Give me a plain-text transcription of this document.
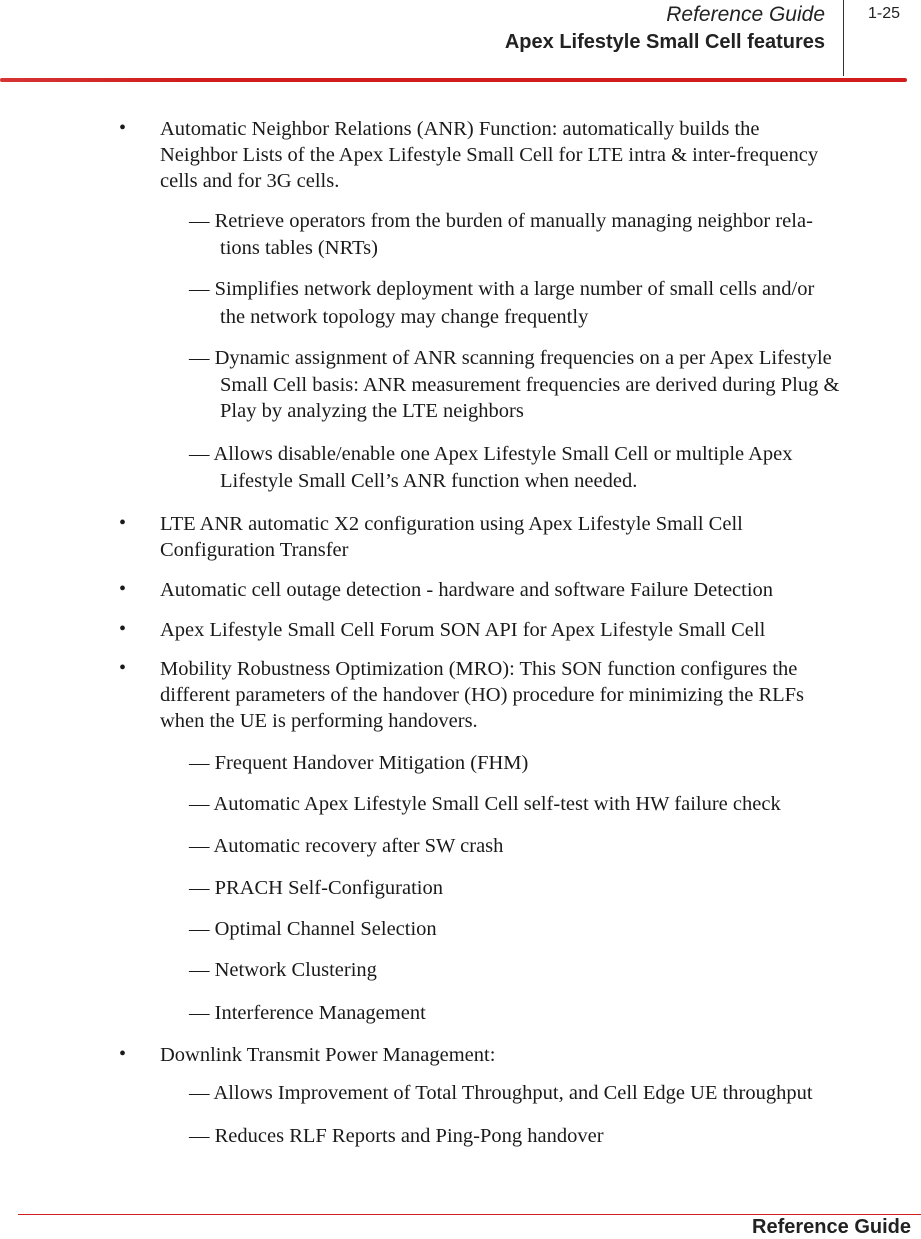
Reference Guide
Apex Lifestyle Small Cell features
1-25
• Automatic Neighbor Relations (ANR) Function: automatically builds the
Neighbor Lists of the Apex Lifestyle Small Cell for LTE intra & inter-frequency
cells and for 3G cells.
— Retrieve operators from the burden of manually managing neighbor rela-
tions tables (NRTs)
— Simplifies network deployment with a large number of small cells and/or
the network topology may change frequently
— Dynamic assignment of ANR scanning frequencies on a per Apex Lifestyle
Small Cell basis: ANR measurement frequencies are derived during Plug &
Play by analyzing the LTE neighbors
— Allows disable/enable one Apex Lifestyle Small Cell or multiple Apex
Lifestyle Small Cell’s ANR function when needed.
• LTE ANR automatic X2 configuration using Apex Lifestyle Small Cell
Configuration Transfer
• Automatic cell outage detection - hardware and software Failure Detection
• Apex Lifestyle Small Cell Forum SON API for Apex Lifestyle Small Cell
• Mobility Robustness Optimization (MRO): This SON function configures the
different parameters of the handover (HO) procedure for minimizing the RLFs
when the UE is performing handovers.
— Frequent Handover Mitigation (FHM)
— Automatic Apex Lifestyle Small Cell self-test with HW failure check
— Automatic recovery after SW crash
— PRACH Self-Configuration
— Optimal Channel Selection
— Network Clustering
— Interference Management
• Downlink Transmit Power Management:
— Allows Improvement of Total Throughput, and Cell Edge UE throughput
— Reduces RLF Reports and Ping-Pong handover
Reference Guide
